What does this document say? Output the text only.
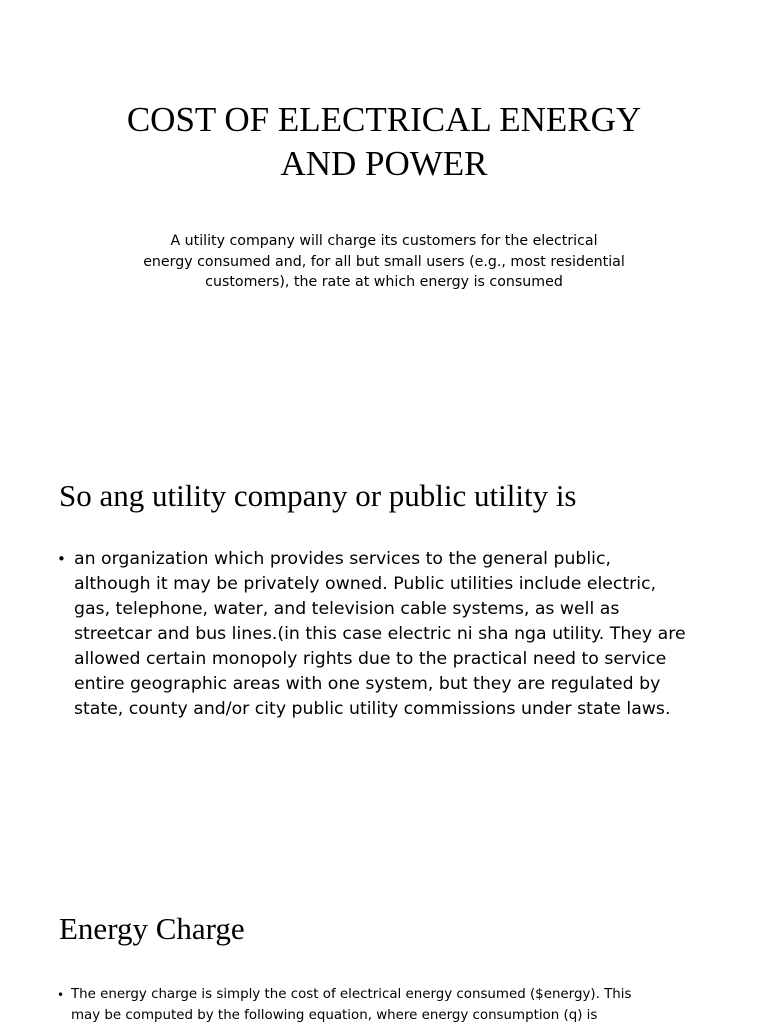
COST OF ELECTRICAL ENERGY
AND POWER

A utility company will charge its customers for the electrical
energy consumed and, for all but small users (e.g., most residential
customers), the rate at which energy is consumed

So ang utility company or public utility is
• an organization which provides services to the general public,
although it may be privately owned. Public utilities include electric,
gas, telephone, water, and television cable systems, as well as
streetcar and bus lines.(in this case electric ni sha nga utility. They are
allowed certain monopoly rights due to the practical need to service
entire geographic areas with one system, but they are regulated by
state, county and/or city public utility commissions under state laws.
Energy Charge
• The energy charge is simply the cost of electrical energy consumed ($energy). This
may be computed by the following equation, where energy consumption (q) is
